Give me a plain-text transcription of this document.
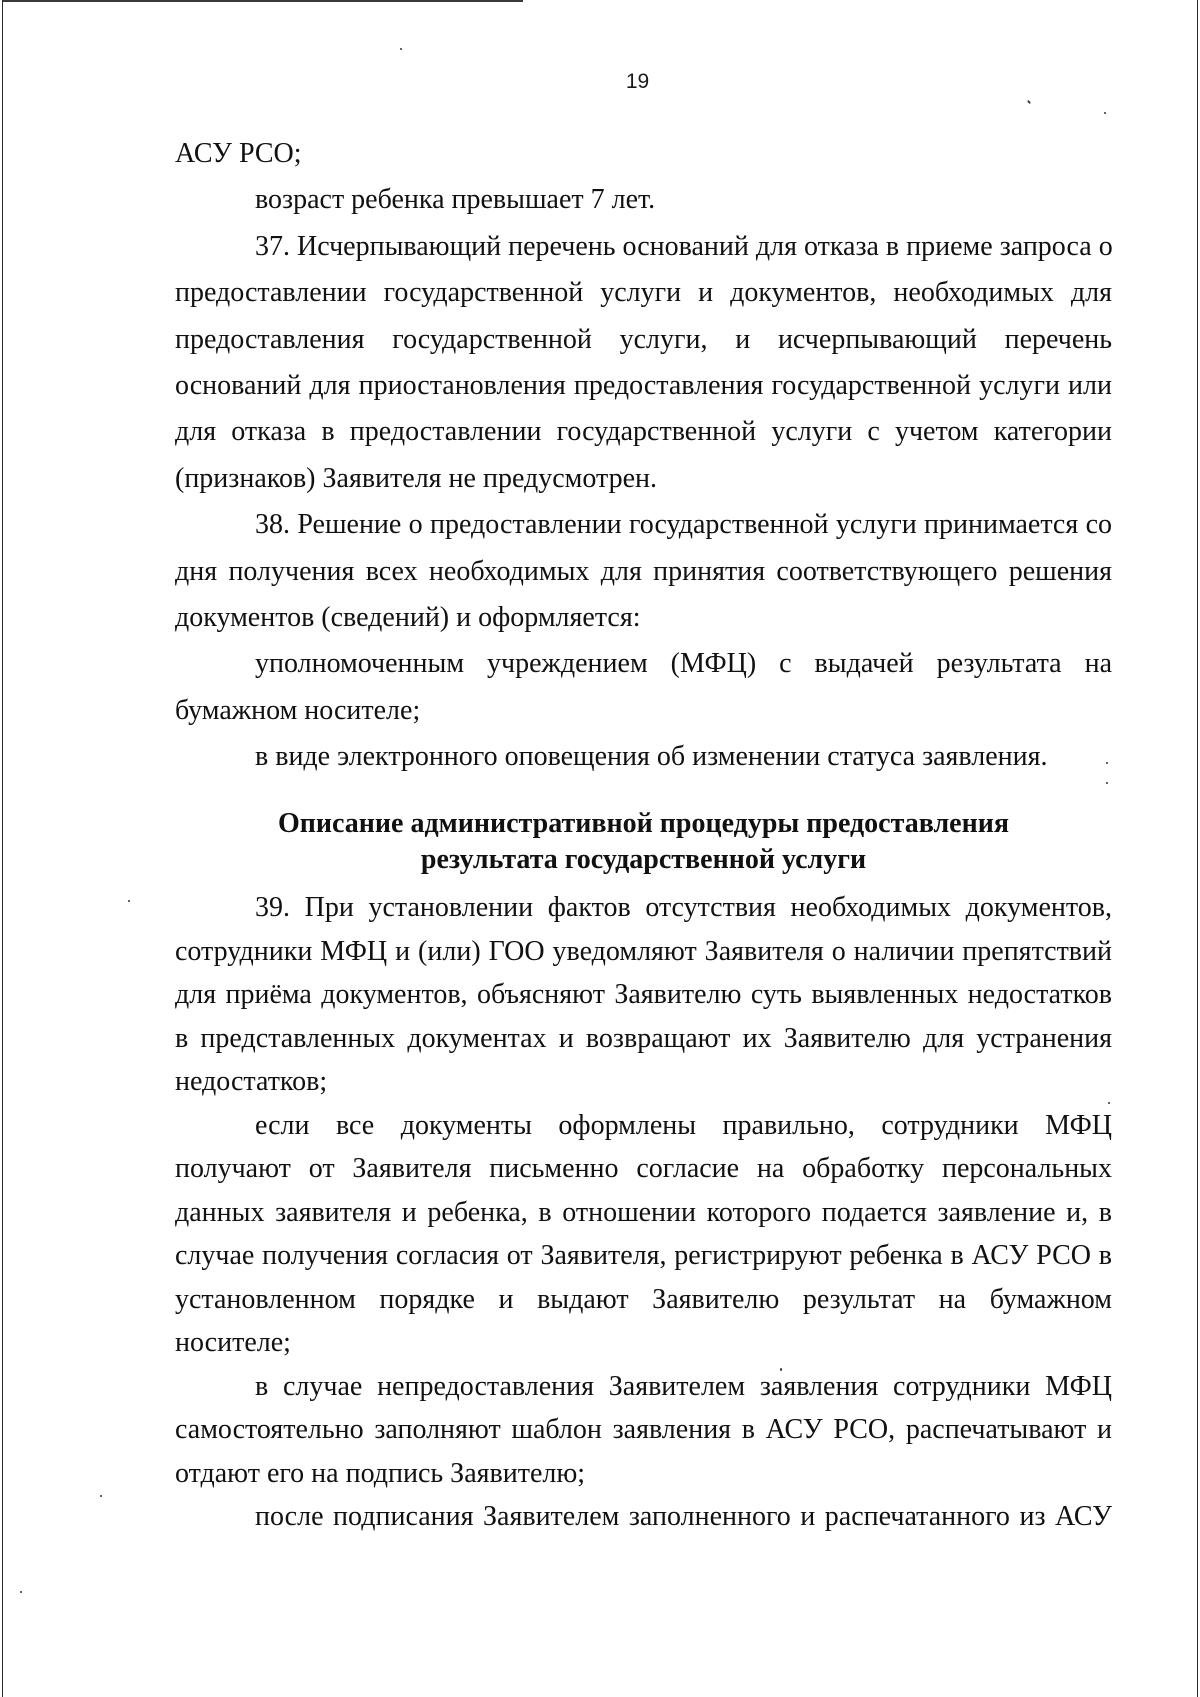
19
АСУ РСО;
возраст ребенка превышает 7 лет.
37. Исчерпывающий перечень оснований для отказа в приеме запроса о
предоставлении государственной услуги и документов, необходимых для
предоставления государственной услуги, и исчерпывающий перечень
оснований для приостановления предоставления государственной услуги или
для отказа в предоставлении государственной услуги с учетом категории
(признаков) Заявителя не предусмотрен.
38. Решение о предоставлении государственной услуги принимается со
дня получения всех необходимых для принятия соответствующего решения
документов (сведений) и оформляется:
уполномоченным учреждением (МФЦ) с выдачей результата на
бумажном носителе;
в виде электронного оповещения об изменении статуса заявления.
Описание административной процедуры предоставления
результата государственной услуги
39. При установлении фактов отсутствия необходимых документов,
сотрудники МФЦ и (или) ГОО уведомляют Заявителя о наличии препятствий
для приёма документов, объясняют Заявителю суть выявленных недостатков
в представленных документах и возвращают их Заявителю для устранения
недостатков;
если все документы оформлены правильно, сотрудники МФЦ
получают от Заявителя письменно согласие на обработку персональных
данных заявителя и ребенка, в отношении которого подается заявление и, в
случае получения согласия от Заявителя, регистрируют ребенка в АСУ РСО в
установленном порядке и выдают Заявителю результат на бумажном
носителе;
в случае непредоставления Заявителем заявления сотрудники МФЦ
самостоятельно заполняют шаблон заявления в АСУ РСО, распечатывают и
отдают его на подпись Заявителю;
после подписания Заявителем заполненного и распечатанного из АСУ
